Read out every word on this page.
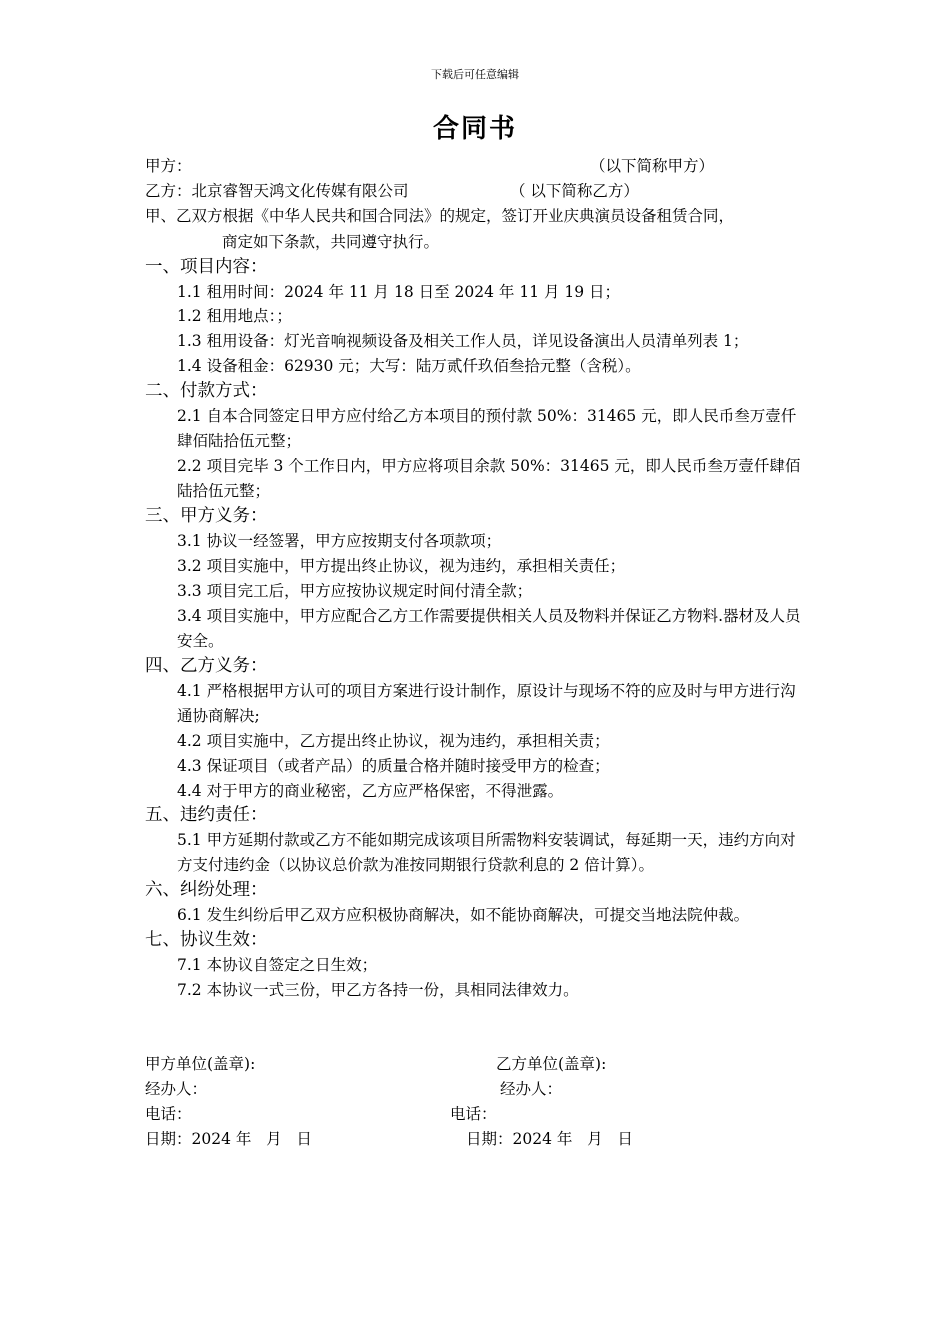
下载后可任意编辑
合同书
甲方：	（以下简称甲方）
乙方：北京睿智天鸿文化传媒有限公司	（ 以下简称乙方）
甲、乙双方根据《中华人民共和国合同法》的规定，签订开业庆典演员设备租赁合同，
商定如下条款，共同遵守执行。
一、项目内容：
1.1 租用时间：2024 年 11 月 18 日至 2024 年 11 月 19 日；
1.2 租用地点：；
1.3 租用设备：灯光音响视频设备及相关工作人员，详见设备演出人员清单列表 1；
1.4 设备租金：62930 元；大写：陆万贰仟玖佰叁拾元整（含税）。
二、付款方式：
2.1 自本合同签定日甲方应付给乙方本项目的预付款 50%：31465 元，即人民币叁万壹仟肆佰陆拾伍元整；
2.2 项目完毕 3 个工作日内，甲方应将项目余款 50%：31465 元，即人民币叁万壹仟肆佰陆拾伍元整；
三、甲方义务：
3.1 协议一经签署，甲方应按期支付各项款项；
3.2 项目实施中，甲方提出终止协议，视为违约，承担相关责任；
3.3 项目完工后，甲方应按协议规定时间付清全款；
3.4 项目实施中，甲方应配合乙方工作需要提供相关人员及物料并保证乙方物料.器材及人员安全。
四、乙方义务：
4.1 严格根据甲方认可的项目方案进行设计制作，原设计与现场不符的应及时与甲方进行沟通协商解决;
4.2 项目实施中，乙方提出终止协议，视为违约，承担相关责；
4.3 保证项目（或者产品）的质量合格并随时接受甲方的检查；
4.4 对于甲方的商业秘密，乙方应严格保密，不得泄露。
五、违约责任：
5.1 甲方延期付款或乙方不能如期完成该项目所需物料安装调试，每延期一天，违约方向对方支付违约金（以协议总价款为准按同期银行贷款利息的 2 倍计算）。
六、纠纷处理：
6.1 发生纠纷后甲乙双方应积极协商解决，如不能协商解决，可提交当地法院仲裁。
七、协议生效：
7.1 本协议自签定之日生效；
7.2 本协议一式三份，甲乙方各持一份，具相同法律效力。
甲方单位(盖章):	乙方单位(盖章):
经办人：	经办人：
电话：	电话：
日期：2024 年   月   日	日期：2024 年   月   日
